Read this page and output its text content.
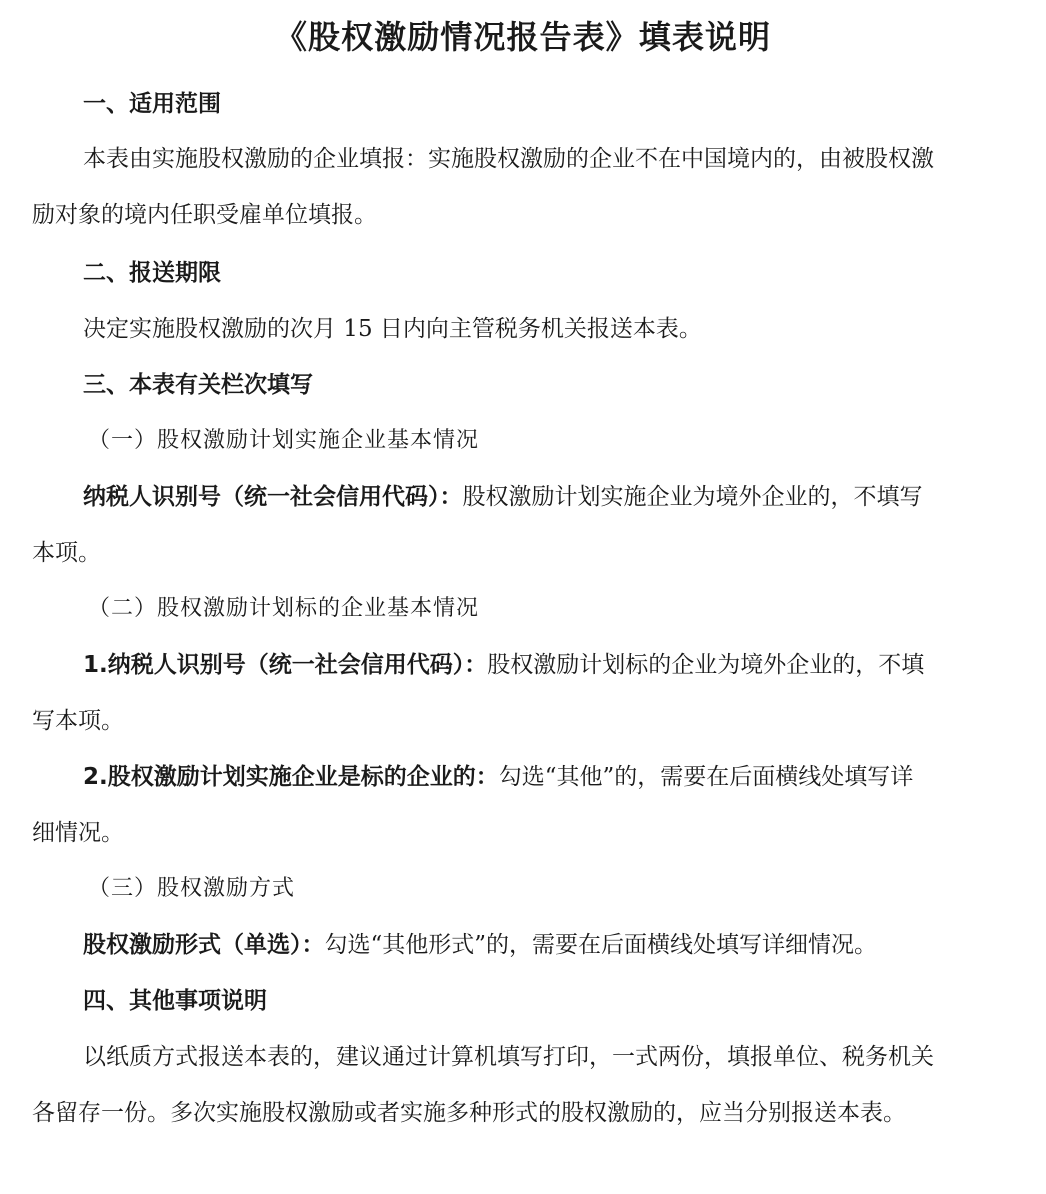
《股权激励情况报告表》填表说明
一、适用范围
本表由实施股权激励的企业填报：实施股权激励的企业不在中国境内的，由被股权激
励对象的境内任职受雇单位填报。
二、报送期限
决定实施股权激励的次月 15 日内向主管税务机关报送本表。
三、本表有关栏次填写
（一）股权激励计划实施企业基本情况
纳税人识别号（统一社会信用代码）：股权激励计划实施企业为境外企业的，不填写
本项。
（二）股权激励计划标的企业基本情况
1.纳税人识别号（统一社会信用代码）：股权激励计划标的企业为境外企业的，不填
写本项。
2.股权激励计划实施企业是标的企业的：勾选“其他”的，需要在后面横线处填写详
细情况。
（三）股权激励方式
股权激励形式（单选）：勾选“其他形式”的，需要在后面横线处填写详细情况。
四、其他事项说明
以纸质方式报送本表的，建议通过计算机填写打印，一式两份，填报单位、税务机关
各留存一份。多次实施股权激励或者实施多种形式的股权激励的，应当分别报送本表。
